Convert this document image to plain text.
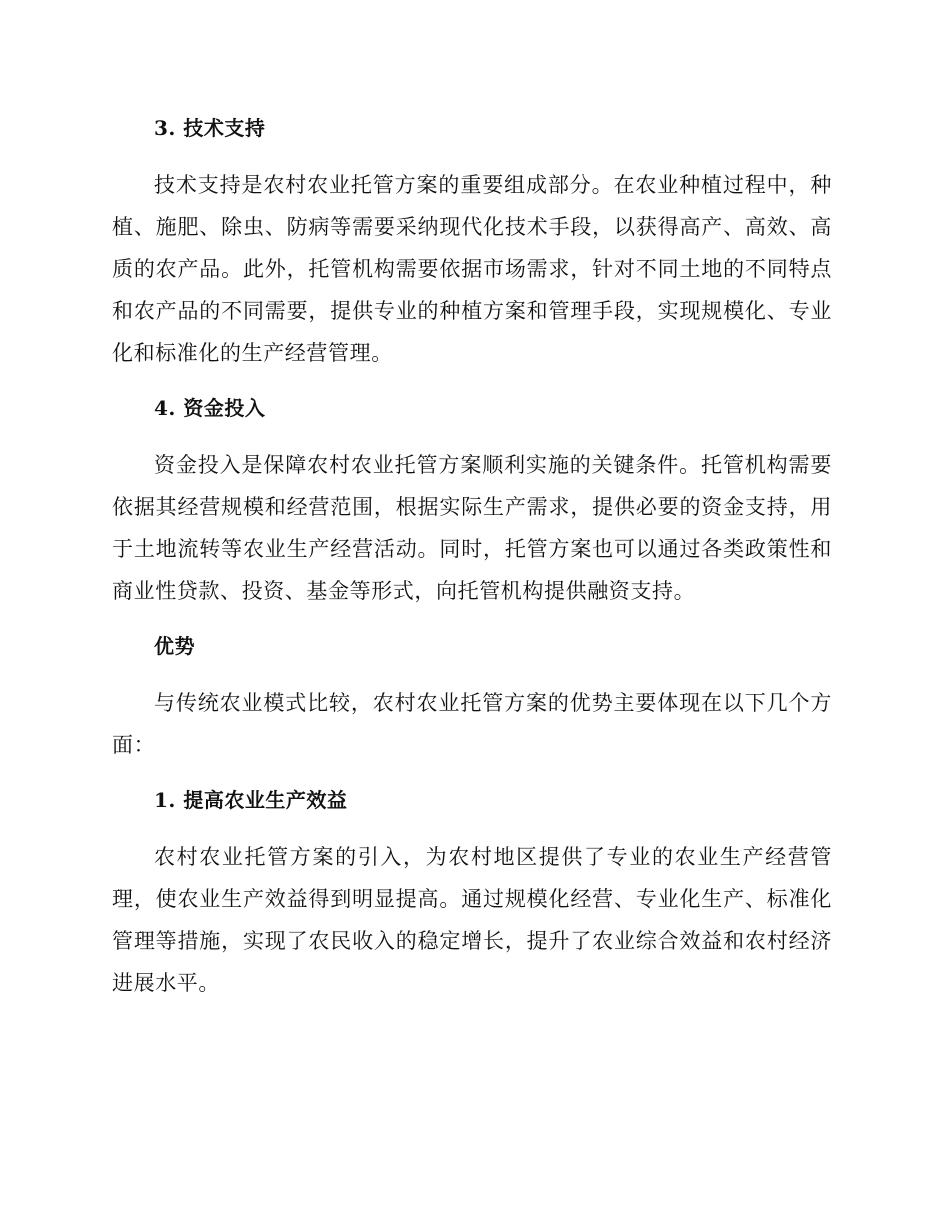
3. 技术支持

技术支持是农村农业托管方案的重要组成部分。在农业种植过程中，种植、施肥、除虫、防病等需要采纳现代化技术手段，以获得高产、高效、高质的农产品。此外，托管机构需要依据市场需求，针对不同土地的不同特点和农产品的不同需要，提供专业的种植方案和管理手段，实现规模化、专业化和标准化的生产经营管理。

4. 资金投入

资金投入是保障农村农业托管方案顺利实施的关键条件。托管机构需要依据其经营规模和经营范围，根据实际生产需求，提供必要的资金支持，用于土地流转等农业生产经营活动。同时，托管方案也可以通过各类政策性和商业性贷款、投资、基金等形式，向托管机构提供融资支持。

优势

与传统农业模式比较，农村农业托管方案的优势主要体现在以下几个方面：

1. 提高农业生产效益

农村农业托管方案的引入，为农村地区提供了专业的农业生产经营管理，使农业生产效益得到明显提高。通过规模化经营、专业化生产、标准化管理等措施，实现了农民收入的稳定增长，提升了农业综合效益和农村经济进展水平。
